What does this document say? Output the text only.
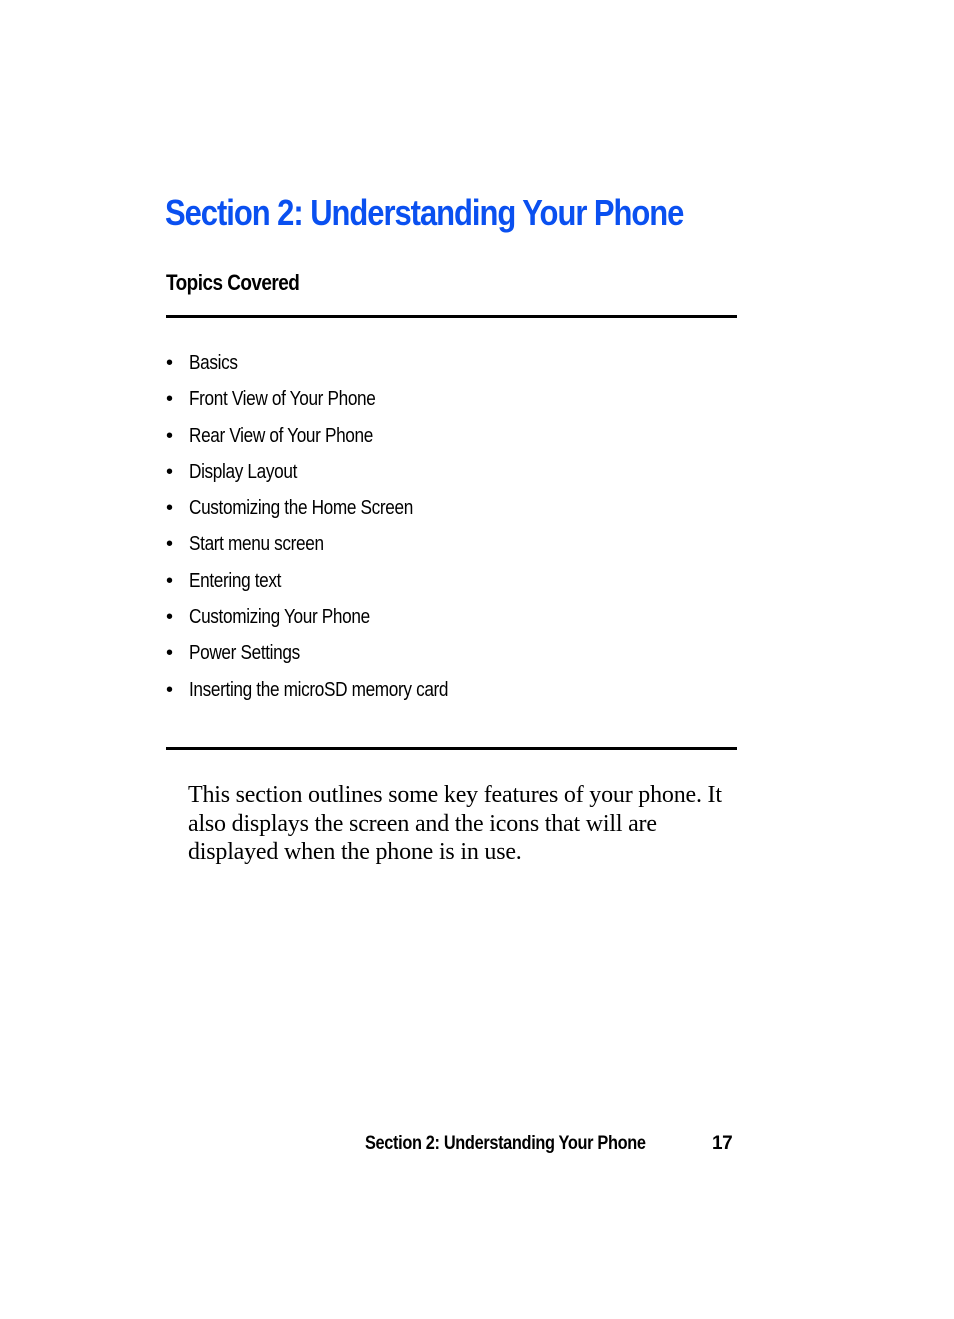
Section 2: Understanding Your Phone
Topics Covered
• Basics
• Front View of Your Phone
• Rear View of Your Phone
• Display Layout
• Customizing the Home Screen
• Start menu screen
• Entering text
• Customizing Your Phone
• Power Settings
• Inserting the microSD memory card

This section outlines some key features of your phone. It also displays the screen and the icons that will are displayed when the phone is in use.

Section 2: Understanding Your Phone	17
